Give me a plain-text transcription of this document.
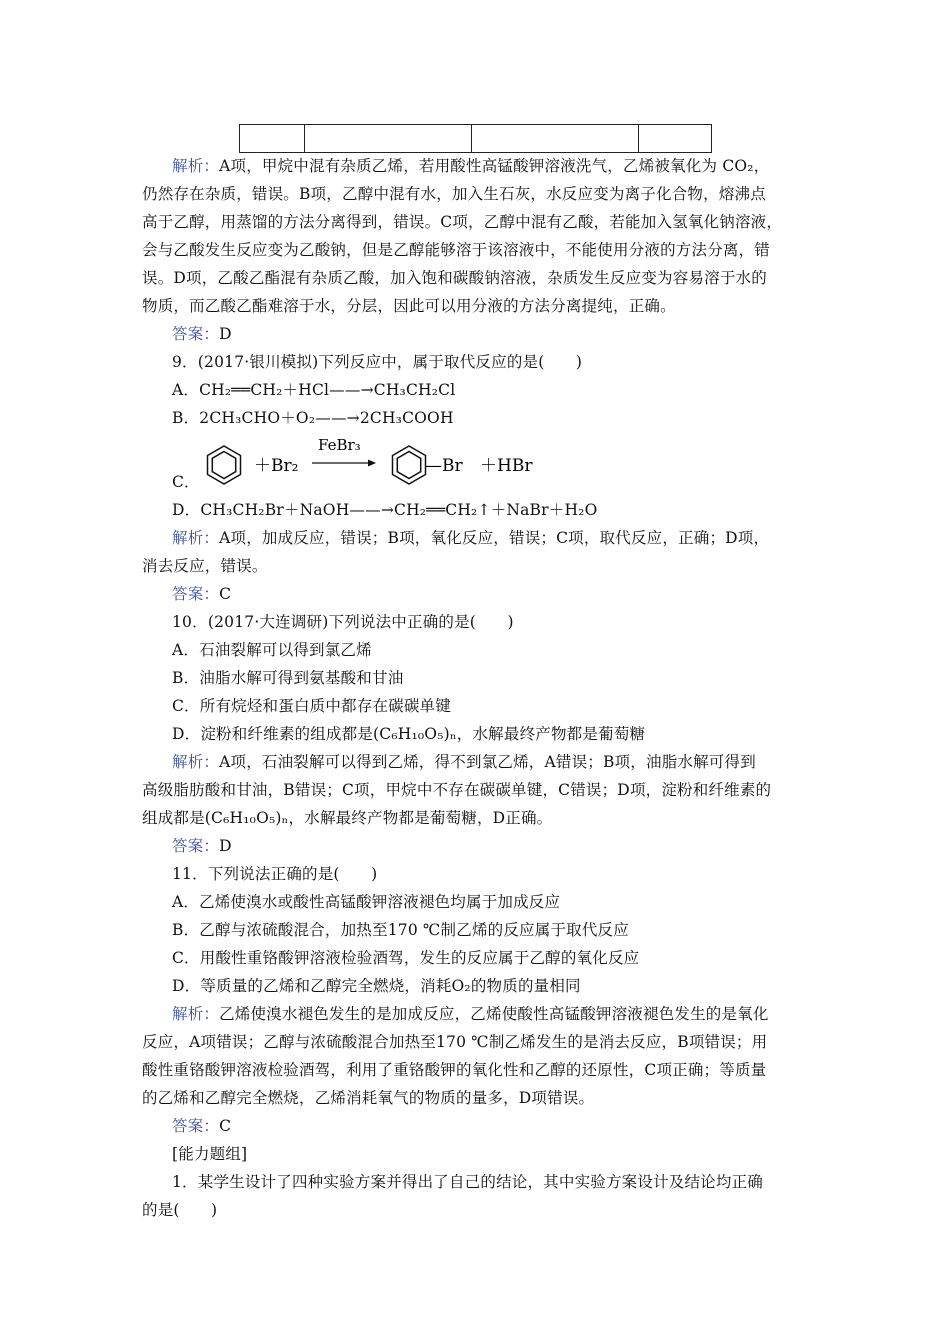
解析：A项，甲烷中混有杂质乙烯，若用酸性高锰酸钾溶液洗气，乙烯被氧化为 CO₂，
仍然存在杂质，错误。B项，乙醇中混有水，加入生石灰，水反应变为离子化合物，熔沸点
高于乙醇，用蒸馏的方法分离得到，错误。C项，乙醇中混有乙酸，若能加入氢氧化钠溶液，
会与乙酸发生反应变为乙酸钠，但是乙醇能够溶于该溶液中，不能使用分液的方法分离，错
误。D项，乙酸乙酯混有杂质乙酸，加入饱和碳酸钠溶液，杂质发生反应变为容易溶于水的
物质，而乙酸乙酯难溶于水，分层，因此可以用分液的方法分离提纯，正确。
答案：D
9．(2017·银川模拟)下列反应中，属于取代反应的是(　　)
A．CH₂══CH₂＋HCl——→CH₃CH₂Cl
B．2CH₃CHO＋O₂——→2CH₃COOH
C．
＋Br₂
FeBr₃
—Br ＋HBr
D．CH₃CH₂Br＋NaOH——→CH₂══CH₂↑＋NaBr＋H₂O
解析：A项，加成反应，错误；B项，氧化反应，错误；C项，取代反应，正确；D项，
消去反应，错误。
答案：C
10．(2017·大连调研)下列说法中正确的是(　　)
A．石油裂解可以得到氯乙烯
B．油脂水解可得到氨基酸和甘油
C．所有烷烃和蛋白质中都存在碳碳单键
D．淀粉和纤维素的组成都是(C₆H₁₀O₅)ₙ，水解最终产物都是葡萄糖
解析：A项，石油裂解可以得到乙烯，得不到氯乙烯，A错误；B项，油脂水解可得到
高级脂肪酸和甘油，B错误；C项，甲烷中不存在碳碳单键，C错误；D项，淀粉和纤维素的
组成都是(C₆H₁₀O₅)ₙ，水解最终产物都是葡萄糖，D正确。
答案：D
11．下列说法正确的是(　　)
A．乙烯使溴水或酸性高锰酸钾溶液褪色均属于加成反应
B．乙醇与浓硫酸混合，加热至170 ℃制乙烯的反应属于取代反应
C．用酸性重铬酸钾溶液检验酒驾，发生的反应属于乙醇的氧化反应
D．等质量的乙烯和乙醇完全燃烧，消耗O₂的物质的量相同
解析：乙烯使溴水褪色发生的是加成反应，乙烯使酸性高锰酸钾溶液褪色发生的是氧化
反应，A项错误；乙醇与浓硫酸混合加热至170 ℃制乙烯发生的是消去反应，B项错误；用
酸性重铬酸钾溶液检验酒驾，利用了重铬酸钾的氧化性和乙醇的还原性，C项正确；等质量
的乙烯和乙醇完全燃烧，乙烯消耗氧气的物质的量多，D项错误。
答案：C
[能力题组]
1．某学生设计了四种实验方案并得出了自己的结论，其中实验方案设计及结论均正确
的是(　　)
